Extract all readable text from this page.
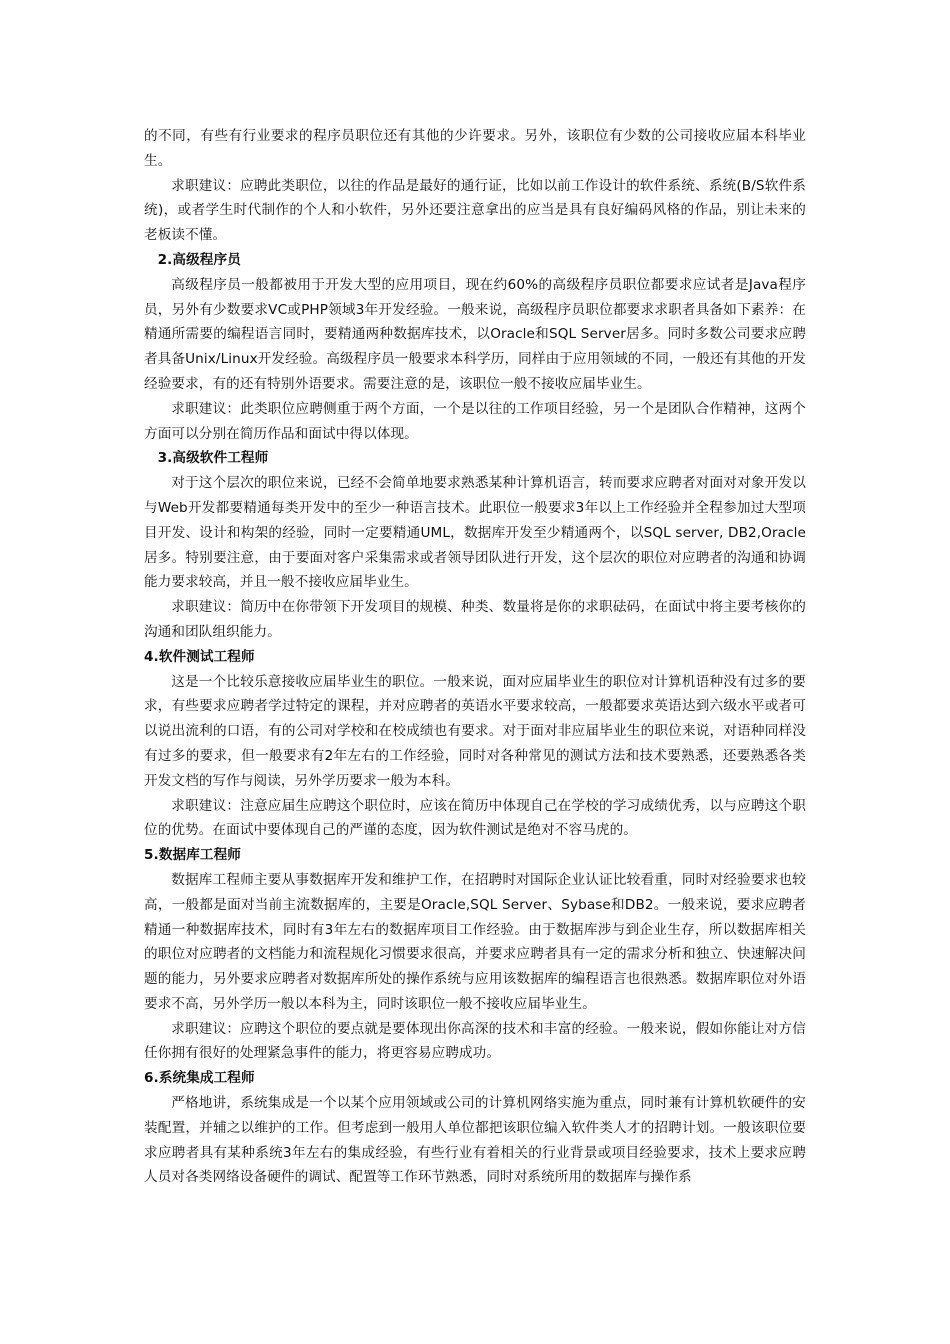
的不同，有些有行业要求的程序员职位还有其他的少许要求。另外，该职位有少数的公司接收应届本科毕业生。

求职建议：应聘此类职位，以往的作品是最好的通行证，比如以前工作设计的软件系统、系统(B/S软件系统)，或者学生时代制作的个人和小软件，另外还要注意拿出的应当是具有良好编码风格的作品，别让未来的老板读不懂。

2.高级程序员

高级程序员一般都被用于开发大型的应用项目，现在约60%的高级程序员职位都要求应试者是Java程序员，另外有少数要求VC或PHP领域3年开发经验。一般来说，高级程序员职位都要求求职者具备如下素养：在精通所需要的编程语言同时，要精通两种数据库技术，以Oracle和SQL Server居多。同时多数公司要求应聘者具备Unix/Linux开发经验。高级程序员一般要求本科学历，同样由于应用领域的不同，一般还有其他的开发经验要求，有的还有特别外语要求。需要注意的是，该职位一般不接收应届毕业生。

求职建议：此类职位应聘侧重于两个方面，一个是以往的工作项目经验，另一个是团队合作精神，这两个方面可以分别在简历作品和面试中得以体现。

3.高级软件工程师

对于这个层次的职位来说，已经不会简单地要求熟悉某种计算机语言，转而要求应聘者对面对对象开发以与Web开发都要精通每类开发中的至少一种语言技术。此职位一般要求3年以上工作经验并全程参加过大型项目开发、设计和构架的经验，同时一定要精通UML，数据库开发至少精通两个，以SQL server, DB2,Oracle居多。特别要注意，由于要面对客户采集需求或者领导团队进行开发，这个层次的职位对应聘者的沟通和协调能力要求较高，并且一般不接收应届毕业生。

求职建议：简历中在你带领下开发项目的规模、种类、数量将是你的求职砝码，在面试中将主要考核你的沟通和团队组织能力。

4.软件测试工程师

这是一个比较乐意接收应届毕业生的职位。一般来说，面对应届毕业生的职位对计算机语种没有过多的要求，有些要求应聘者学过特定的课程，并对应聘者的英语水平要求较高，一般都要求英语达到六级水平或者可以说出流利的口语，有的公司对学校和在校成绩也有要求。对于面对非应届毕业生的职位来说，对语种同样没有过多的要求，但一般要求有2年左右的工作经验，同时对各种常见的测试方法和技术要熟悉，还要熟悉各类开发文档的写作与阅读，另外学历要求一般为本科。

求职建议：注意应届生应聘这个职位时，应该在简历中体现自己在学校的学习成绩优秀，以与应聘这个职位的优势。在面试中要体现自己的严谨的态度，因为软件测试是绝对不容马虎的。

5.数据库工程师

数据库工程师主要从事数据库开发和维护工作，在招聘时对国际企业认证比较看重，同时对经验要求也较高，一般都是面对当前主流数据库的，主要是Oracle,SQL Server、Sybase和DB2。一般来说，要求应聘者精通一种数据库技术，同时有3年左右的数据库项目工作经验。由于数据库涉与到企业生存，所以数据库相关的职位对应聘者的文档能力和流程规化习惯要求很高，并要求应聘者具有一定的需求分析和独立、快速解决问题的能力，另外要求应聘者对数据库所处的操作系统与应用该数据库的编程语言也很熟悉。数据库职位对外语要求不高，另外学历一般以本科为主，同时该职位一般不接收应届毕业生。

求职建议：应聘这个职位的要点就是要体现出你高深的技术和丰富的经验。一般来说，假如你能让对方信任你拥有很好的处理紧急事件的能力，将更容易应聘成功。

6.系统集成工程师

严格地讲，系统集成是一个以某个应用领域或公司的计算机网络实施为重点，同时兼有计算机软硬件的安装配置，并辅之以维护的工作。但考虑到一般用人单位都把该职位编入软件类人才的招聘计划。一般该职位要求应聘者具有某种系统3年左右的集成经验，有些行业有着相关的行业背景或项目经验要求，技术上要求应聘人员对各类网络设备硬件的调试、配置等工作环节熟悉，同时对系统所用的数据库与操作系
